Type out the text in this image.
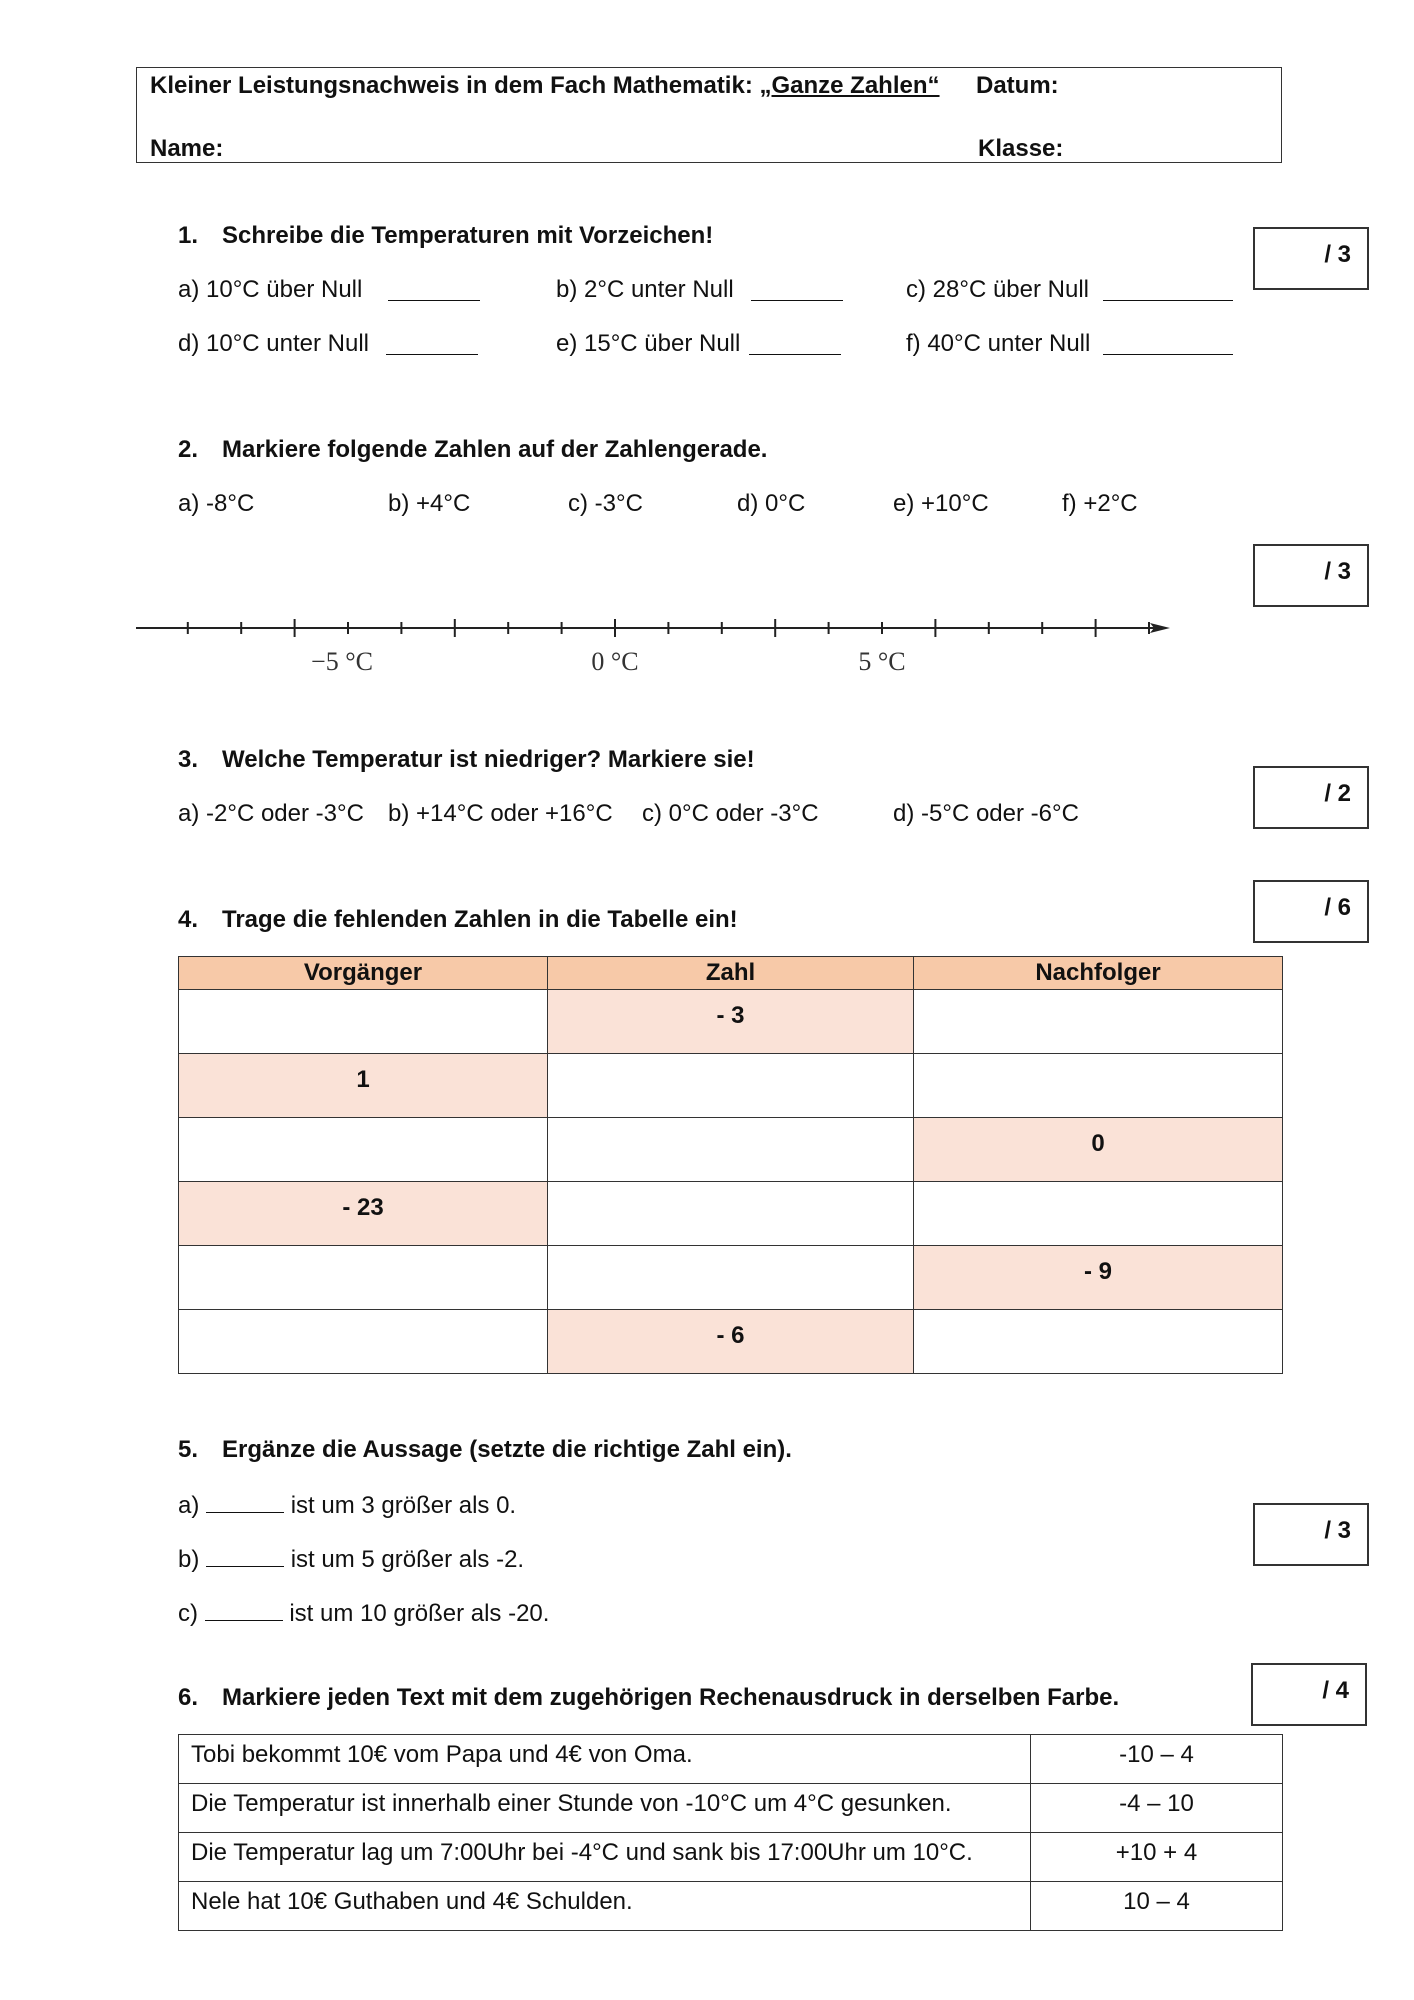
Kleiner Leistungsnachweis in dem Fach Mathematik: „Ganze Zahlen“ Datum:
Name:	Klasse:
1. Schreibe die Temperaturen mit Vorzeichen!
/ 3
a) 10°C über Null	b) 2°C unter Null	c) 28°C über Null
d) 10°C unter Null	e) 15°C über Null	f) 40°C unter Null
2. Markiere folgende Zahlen auf der Zahlengerade.
a) -8°C	b) +4°C	c) -3°C	d) 0°C	e) +10°C	f) +2°C
/ 3
−5 °C	0 °C	5 °C
3. Welche Temperatur ist niedriger? Markiere sie!
/ 2
a) -2°C oder -3°C b) +14°C oder +16°C c) 0°C oder -3°C	d) -5°C oder -6°C
4. Trage die fehlenden Zahlen in die Tabelle ein!	/ 6
Vorgänger	Zahl	Nachfolger

	- 3	

1		

		0

- 23		

		- 9

	- 6	

5. Ergänze die Aussage (setzte die richtige Zahl ein).
/ 3
a)	ist um 3 größer als 0.
b)	ist um 5 größer als -2.
c)	ist um 10 größer als -20.
6. Markiere jeden Text mit dem zugehörigen Rechenausdruck in derselben Farbe.	/ 4
Tobi bekommt 10€ vom Papa und 4€ von Oma.	-10 – 4

Die Temperatur ist innerhalb einer Stunde von -10°C um 4°C gesunken.	-4 – 10

Die Temperatur lag um 7:00Uhr bei -4°C und sank bis 17:00Uhr um 10°C.	+10 + 4

Nele hat 10€ Guthaben und 4€ Schulden.	10 – 4
